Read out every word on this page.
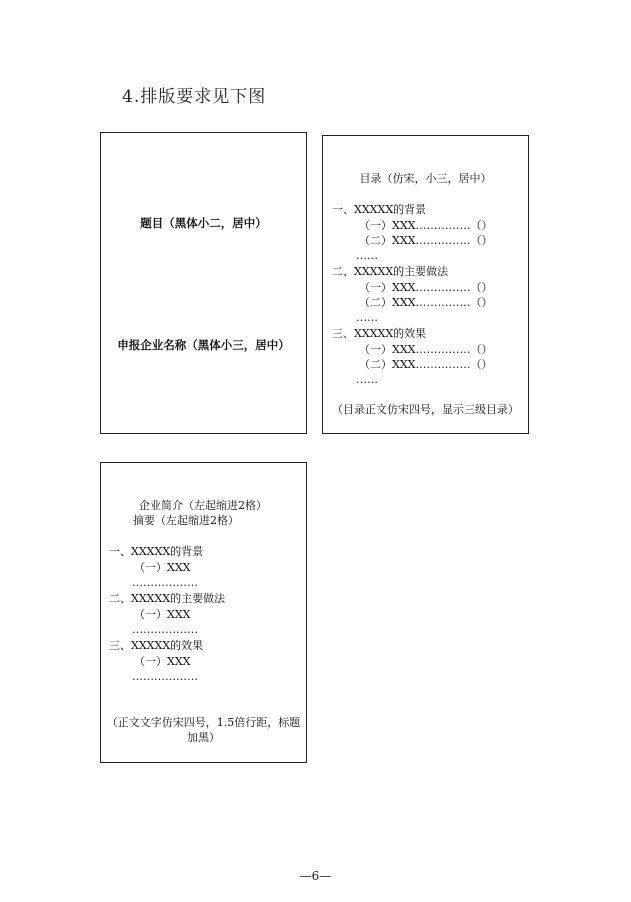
4.排版要求见下图
题目（黑体小二，居中）
申报企业名称（黑体小三，居中）
目录（仿宋，小三，居中）
一、XXXXX的背景
（一）XXX……………（）
（二）XXX……………（）
……
二、XXXXX的主要做法
（一）XXX……………（）
（二）XXX……………（）
……
三、XXXXX的效果
（一）XXX……………（）
（二）XXX……………（）
……
（目录正文仿宋四号，显示三级目录）
企业简介（左起缩进2格）
摘要（左起缩进2格）
一、XXXXX的背景
（一）XXX
………………
二、XXXXX的主要做法
（一）XXX
………………
三、XXXXX的效果
（一）XXX
………………
（正文文字仿宋四号，1.5倍行距，标题
加黑）
—6—
